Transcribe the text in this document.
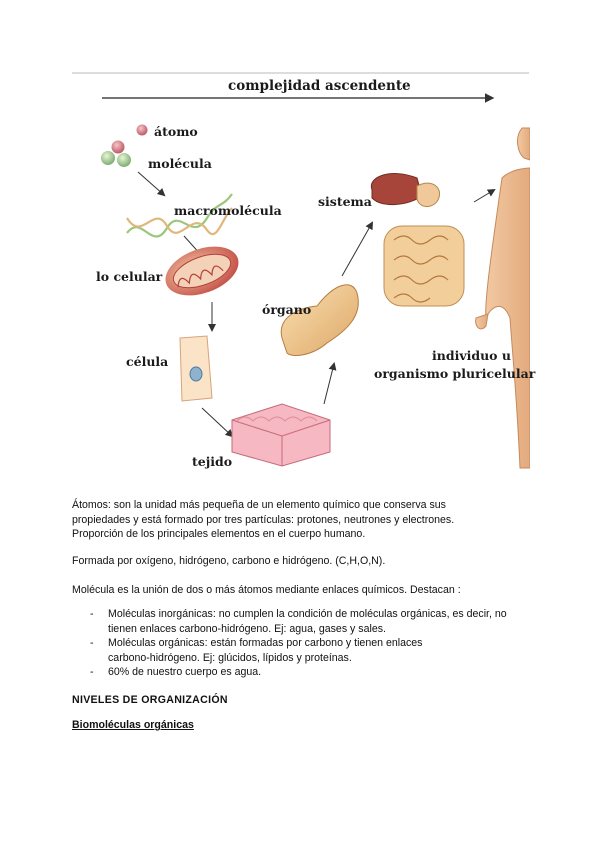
complejidad ascendente
átomo
molécula
macromolécula
lo celular
célula
tejido
órgano
sistema
individuo u
organismo pluricelular
Átomos: son la unidad más pequeña de un elemento químico que conserva sus
propiedades y está formado por tres partículas: protones, neutrones y electrones.
Proporción de los principales elementos en el cuerpo humano.
Formada por oxígeno, hidrógeno, carbono e hidrógeno. (C,H,O,N).
Molécula es la unión de dos o más átomos mediante enlaces químicos. Destacan :
- Moléculas inorgánicas: no cumplen la condición de moléculas orgánicas, es decir, no
tienen enlaces carbono-hidrógeno. Ej: agua, gases y sales.
- Moléculas orgánicas: están formadas por carbono y tienen enlaces
carbono-hidrógeno. Ej: glúcidos, lípidos y proteínas.
- 60% de nuestro cuerpo es agua.
NIVELES DE ORGANIZACIÓN
Biomoléculas orgánicas
